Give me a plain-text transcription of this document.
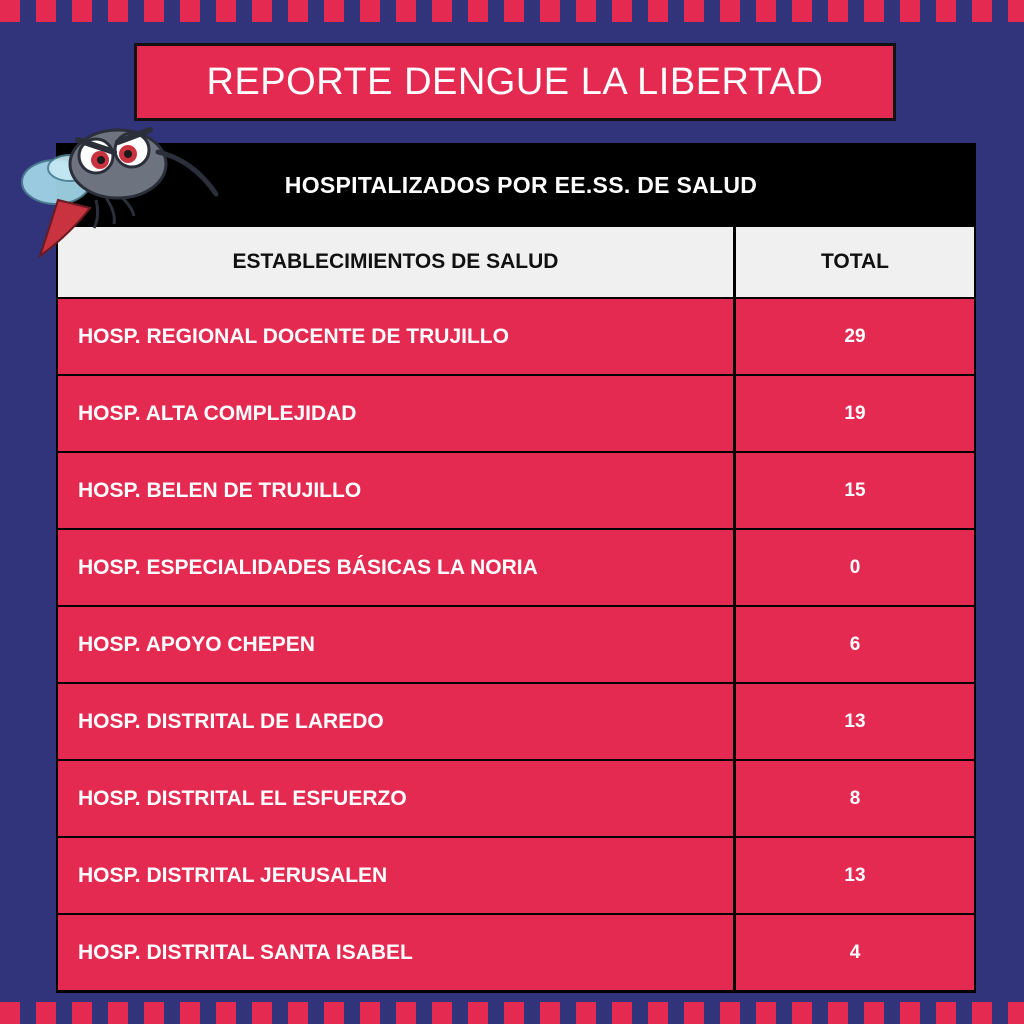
REPORTE DENGUE LA LIBERTAD
HOSPITALIZADOS POR EE.SS. DE SALUD
ESTABLECIMIENTOS DE SALUD	TOTAL
HOSP. REGIONAL DOCENTE DE TRUJILLO	29
HOSP. ALTA COMPLEJIDAD	19
HOSP. BELEN DE TRUJILLO	15
HOSP. ESPECIALIDADES BÁSICAS LA NORIA	0
HOSP. APOYO CHEPEN	6
HOSP. DISTRITAL DE LAREDO	13
HOSP. DISTRITAL EL ESFUERZO	8
HOSP. DISTRITAL JERUSALEN	13
HOSP. DISTRITAL SANTA ISABEL	4
